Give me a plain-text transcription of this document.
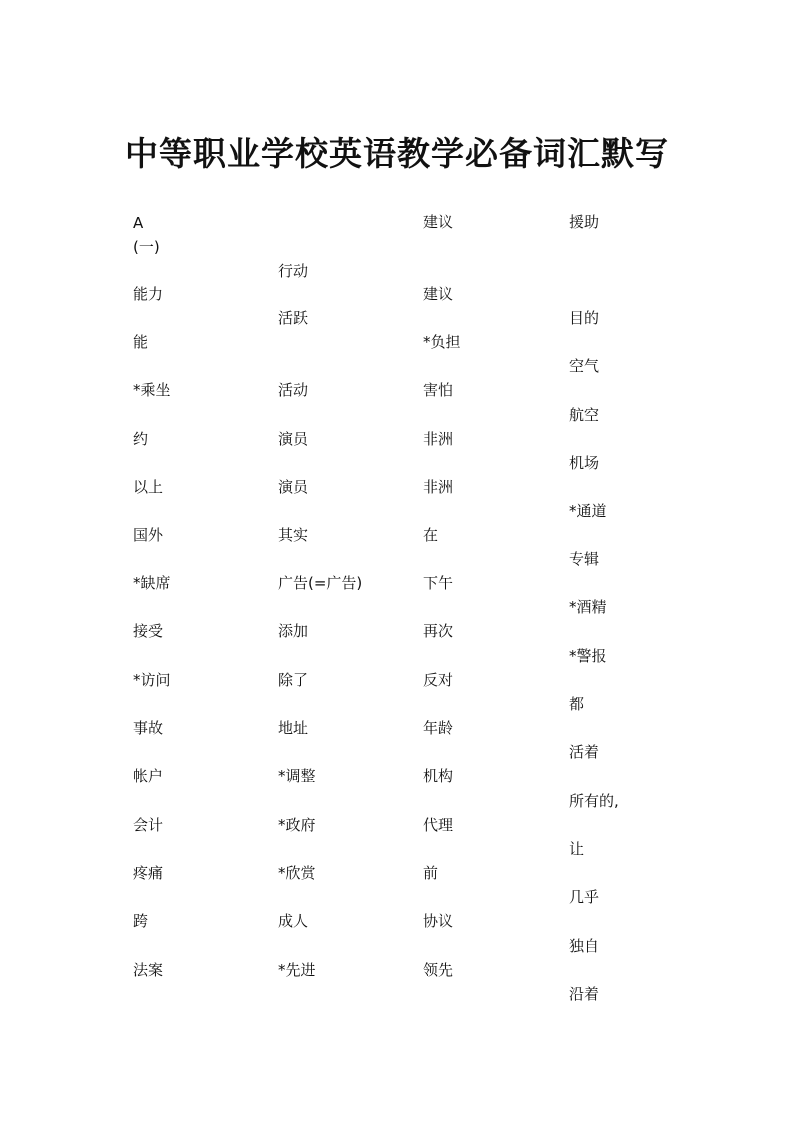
中等职业学校英语教学必备词汇默写
A
(一)
能力
能
*乘坐
约
以上
国外
*缺席
接受
*访问
事故
帐户
会计
疼痛
跨
法案
行动
活跃
活动
演员
演员
其实
广告(=广告)
添加
除了
地址
*调整
*政府
*欣赏
成人
*先进
建议
建议
*负担
害怕
非洲
非洲
在
下午
再次
反对
年龄
机构
代理
前
协议
领先
援助
目的
空气
航空
机场
*通道
专辑
*酒精
*警报
都
活着
所有的,
让
几乎
独自
沿着
